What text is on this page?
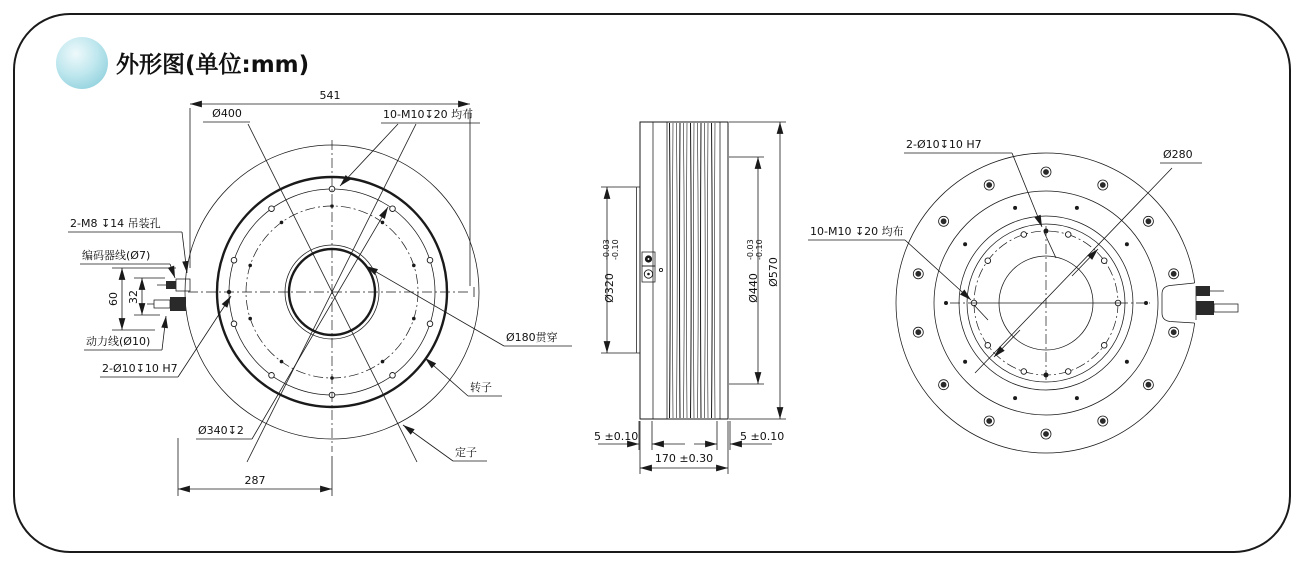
外形图(单位:mm)
541
Ø400	10-M10↧20 均布
2-M8 ↧14 吊装孔
编码器线(Ø7)
60 32
动力线(Ø10)
2-Ø10↧10 H7
Ø340↧2
287
Ø180贯穿
转子
定子
Ø320
-0.03 -0.10
Ø440
-0.03 -0.10
Ø570
5 ±0.10	5 ±0.10
170 ±0.30
Ø280
2-Ø10↧10 H7
10-M10 ↧20 均布
